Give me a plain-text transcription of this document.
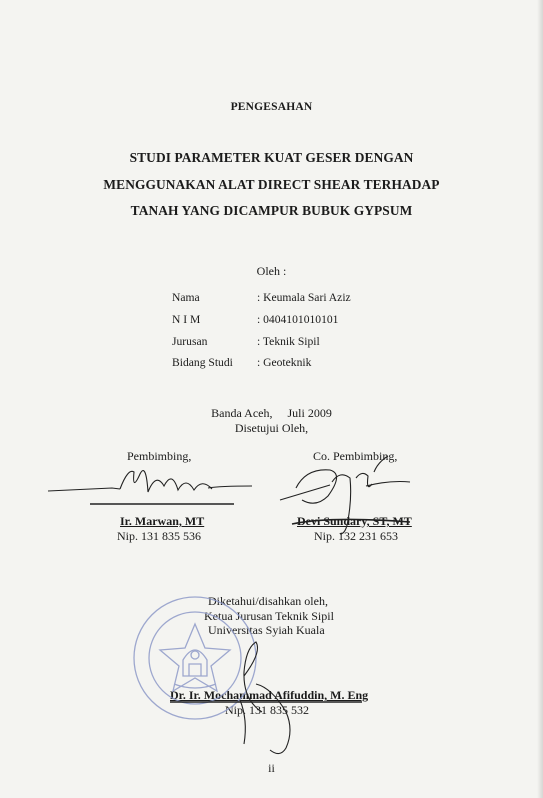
PENGESAHAN
STUDI PARAMETER KUAT GESER DENGAN
MENGGUNAKAN ALAT DIRECT SHEAR TERHADAP
TANAH YANG DICAMPUR BUBUK GYPSUM
Oleh :
Nama	: Keumala Sari Aziz
N I M	: 0404101010101
Jurusan	: Teknik Sipil
Bidang Studi : Geoteknik
Banda Aceh,     Juli 2009
Disetujui Oleh,
Pembimbing,	Co. Pembimbing,
Ir. Marwan, MT
Nip. 131 835 536
Devi Sundary, ST, MT
Nip. 132 231 653
Diketahui/disahkan oleh,
Ketua Jurusan Teknik Sipil
Universitas Syiah Kuala
Dr. Ir. Mochammad Afifuddin, M. Eng
Nip. 131 835 532
ii
